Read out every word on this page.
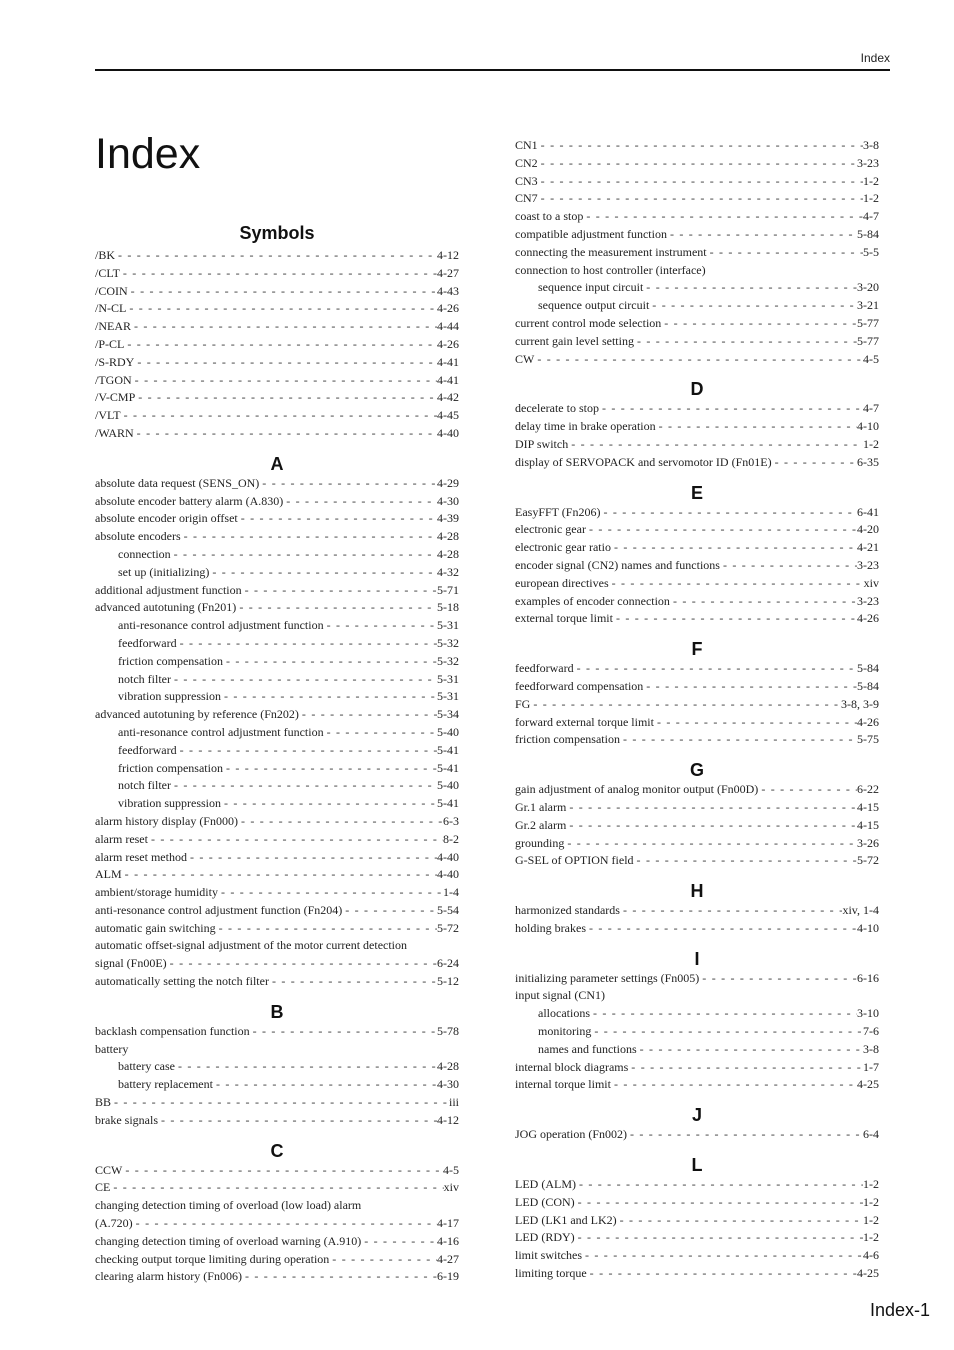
Index
Index
Symbols
/BK - - -	4-12
/CLT - - -	4-27
/COIN - - -	4-43
/N-CL - - -	4-26
/NEAR - - -	4-44
/P-CL - - -	4-26
/S-RDY - - -	4-41
/TGON - - -	4-41
/V-CMP - - -	4-42
/VLT - - -	4-45
/WARN - - -	4-40
A
absolute data request (SENS_ON) - - -	4-29
absolute encoder battery alarm (A.830) - - -	4-30
absolute encoder origin offset - - -	4-39
absolute encoders - - -	4-28
connection - - -	4-28
set up (initializing) - - -	4-32
additional adjustment function - - -	5-71
advanced autotuning (Fn201) - - -	5-18
anti-resonance control adjustment function - - -	5-31
feedforward - - -	5-32
friction compensation - - -	5-32
notch filter - - -	5-31
vibration suppression - - -	5-31
advanced autotuning by reference (Fn202) - - -	5-34
anti-resonance control adjustment function - - -	5-40
feedforward - - -	5-41
friction compensation - - -	5-41
notch filter - - -	5-40
vibration suppression - - -	5-41
alarm history display (Fn000) - - -	6-3
alarm reset - - -	8-2
alarm reset method - - -	4-40
ALM - - -	4-40
ambient/storage humidity - - -	1-4
anti-resonance control adjustment function (Fn204) - - -	5-54
automatic gain switching - - -	5-72
automatic offset-signal adjustment of the motor current detection
signal (Fn00E) - - -	6-24
automatically setting the notch filter - - -	5-12
B
backlash compensation function - - -	5-78
battery
battery case - - -	4-28
battery replacement - - -	4-30
BB - - -	iii
brake signals - - -	4-12
C
CCW - - -	4-5
CE - - -	xiv
changing detection timing of overload (low load) alarm
(A.720) - - -	4-17
changing detection timing of overload warning (A.910) - - -	4-16
checking output torque limiting during operation - - -	4-27
clearing alarm history (Fn006) - - -	6-19
CN1 - - -	3-8
CN2 - - -	3-23
CN3 - - -	1-2
CN7 - - -	1-2
coast to a stop - - -	4-7
compatible adjustment function - - -	5-84
connecting the measurement instrument - - -	5-5
connection to host controller (interface)
sequence input circuit - - -	3-20
sequence output circuit - - -	3-21
current control mode selection - - -	5-77
current gain level setting - - -	5-77
CW - - -	4-5
D
decelerate to stop - - -	4-7
delay time in brake operation - - -	4-10
DIP switch - - -	1-2
display of SERVOPACK and servomotor ID (Fn01E) - - -	6-35
E
EasyFFT (Fn206) - - -	6-41
electronic gear - - -	4-20
electronic gear ratio - - -	4-21
encoder signal (CN2) names and functions - - -	3-23
european directives - - -	xiv
examples of encoder connection - - -	3-23
external torque limit - - -	4-26
F
feedforward - - -	5-84
feedforward compensation - - -	5-84
FG - - -	3-8, 3-9
forward external torque limit - - -	4-26
friction compensation - - -	5-75
G
gain adjustment of analog monitor output (Fn00D) - - -	6-22
Gr.1 alarm - - -	4-15
Gr.2 alarm - - -	4-15
grounding - - -	3-26
G-SEL of OPTION field - - -	5-72
H
harmonized standards - - -	xiv, 1-4
holding brakes - - -	4-10
I
initializing parameter settings (Fn005) - - -	6-16
input signal (CN1)
allocations - - -	3-10
monitoring - - -	7-6
names and functions - - -	3-8
internal block diagrams - - -	1-7
internal torque limit - - -	4-25
J
JOG operation (Fn002) - - -	6-4
L
LED (ALM) - - -	1-2
LED (CON) - - -	1-2
LED (LK1 and LK2) - - -	1-2
LED (RDY) - - -	1-2
limit switches - - -	4-6
limiting torque - - -	4-25
Index-1
